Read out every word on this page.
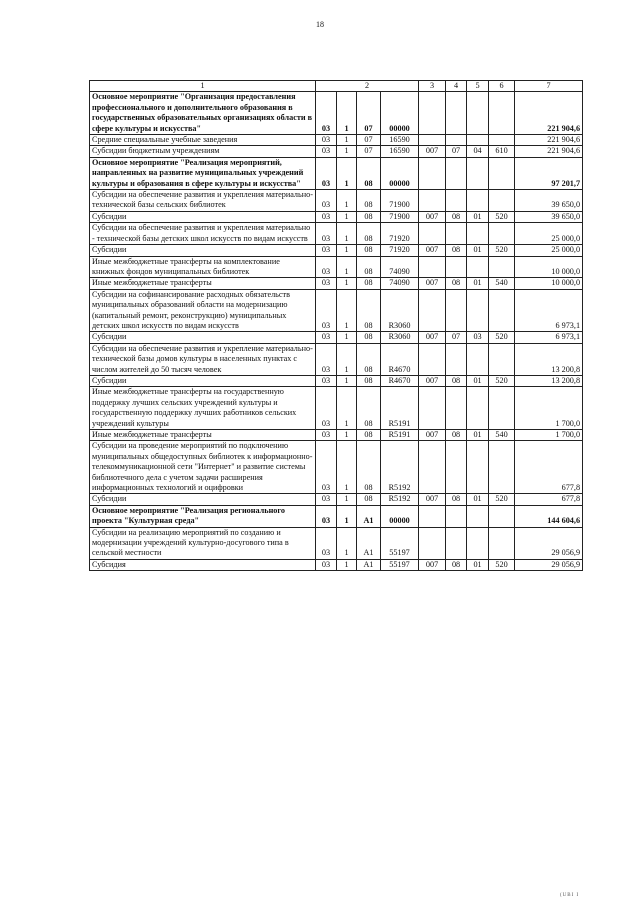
18
1	2				3	4	5	6	7
Основное мероприятие "Организация предоставления профессионального и дополнительного образования в государственных образовательных организациях области в сфере культуры и искусства"	03	1	07	00000					221 904,6
Средние специальные учебные заведения	03	1	07	16590					221 904,6
Субсидии бюджетным учреждениям	03	1	07	16590	007	07	04	610	221 904,6
Основное мероприятие "Реализация мероприятий, направленных на развитие муниципальных учреждений культуры и образования в сфере культуры и искусства"	03	1	08	00000					97 201,7
Субсидии на обеспечение развития и укрепления материально-технической базы сельских библиотек	03	1	08	71900					39 650,0
Субсидии	03	1	08	71900	007	08	01	520	39 650,0
Субсидии на обеспечение развития и укрепления материально - технической базы детских школ искусств по видам искусств	03	1	08	71920					25 000,0
Субсидии	03	1	08	71920	007	08	01	520	25 000,0
Иные межбюджетные трансферты на комплектование книжных фондов муниципальных библиотек	03	1	08	74090					10 000,0
Иные межбюджетные трансферты	03	1	08	74090	007	08	01	540	10 000,0
Субсидии на софинансирование расходных обязательств муниципальных образований области на модернизацию (капитальный ремонт, реконструкцию) муниципальных детских школ искусств по видам искусств	03	1	08	R3060					6 973,1
Субсидии	03	1	08	R3060	007	07	03	520	6 973,1
Субсидии на обеспечение развития и укрепление материально-технической базы домов культуры в населенных пунктах с числом жителей до 50 тысяч человек	03	1	08	R4670					13 200,8
Субсидии	03	1	08	R4670	007	08	01	520	13 200,8
Иные межбюджетные трансферты на государственную поддержку лучших сельских учреждений культуры и государственную поддержку лучших работников сельских учреждений культуры	03	1	08	R5191					1 700,0
Иные межбюджетные трансферты	03	1	08	R5191	007	08	01	540	1 700,0
Субсидии на проведение мероприятий по подключению муниципальных общедоступных библиотек к информационно-телекоммуникационной сети "Интернет" и развитие системы библиотечного дела с учетом задачи расширения информационных технологий и оцифровки	03	1	08	R5192					677,8
Субсидии	03	1	08	R5192	007	08	01	520	677,8
Основное мероприятие "Реализация регионального проекта "Культурная среда"	03	1	A1	00000					144 604,6
Субсидии на реализацию мероприятий по созданию и модернизации учреждений культурно-досугового типа в сельской местности	03	1	A1	55197					29 056,9
Субсидия	03	1	A1	55197	007	08	01	520	29 056,9
(UBI I
